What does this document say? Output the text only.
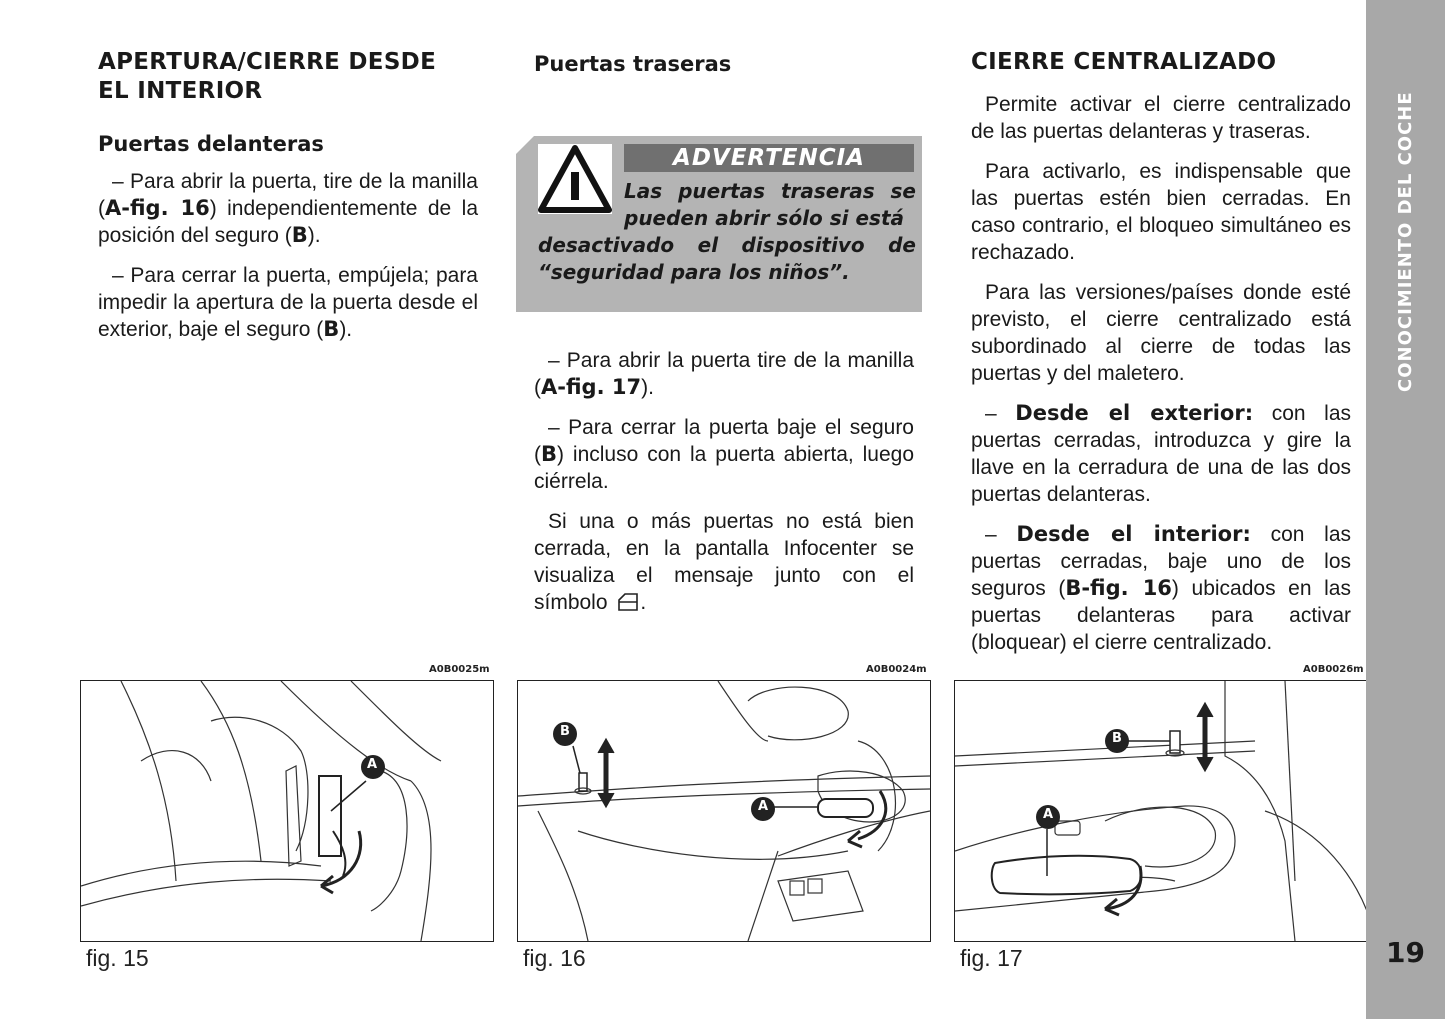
APERTURA/CIERRE DESDE
EL INTERIOR
Puertas delanteras

– Para abrir la puerta, tire de la manilla (A-fig. 16) independientemente de la posición del seguro (B).

– Para cerrar la puerta, empújela; para impedir la apertura de la puerta desde el exterior, baje el seguro (B).

Puertas traseras
ADVERTENCIA
Las puertas traseras se pueden abrir sólo si está
desactivado el dispositivo de “seguridad para los niños”.

– Para abrir la puerta tire de la manilla (A-fig. 17).

– Para cerrar la puerta baje el seguro (B) incluso con la puerta abierta, luego ciérrela.

Si una o más puertas no está bien cerrada, en la pantalla Infocenter se visualiza el mensaje junto con el símbolo .

CIERRE CENTRALIZADO

Permite activar el cierre centralizado de las puertas delanteras y traseras.

Para activarlo, es indispensable que las puertas estén bien cerradas. En caso contrario, el bloqueo simultáneo es rechazado.

Para las versiones/países donde esté previsto, el cierre centralizado está subordinado al cierre de todas las puertas y del maletero.

– Desde el exterior: con las puertas cerradas, introduzca y gire la llave en la cerradura de una de las dos puertas delanteras.

– Desde el interior: con las puertas cerradas, baje uno de los seguros (B-fig. 16) ubicados en las puertas delanteras para activar (bloquear) el cierre centralizado.

A0B0025m	A0B0024m	A0B0026m
A
B
A
B
A
fig. 15	fig. 16	fig. 17
CONOCIMIENTO DEL COCHE
19
